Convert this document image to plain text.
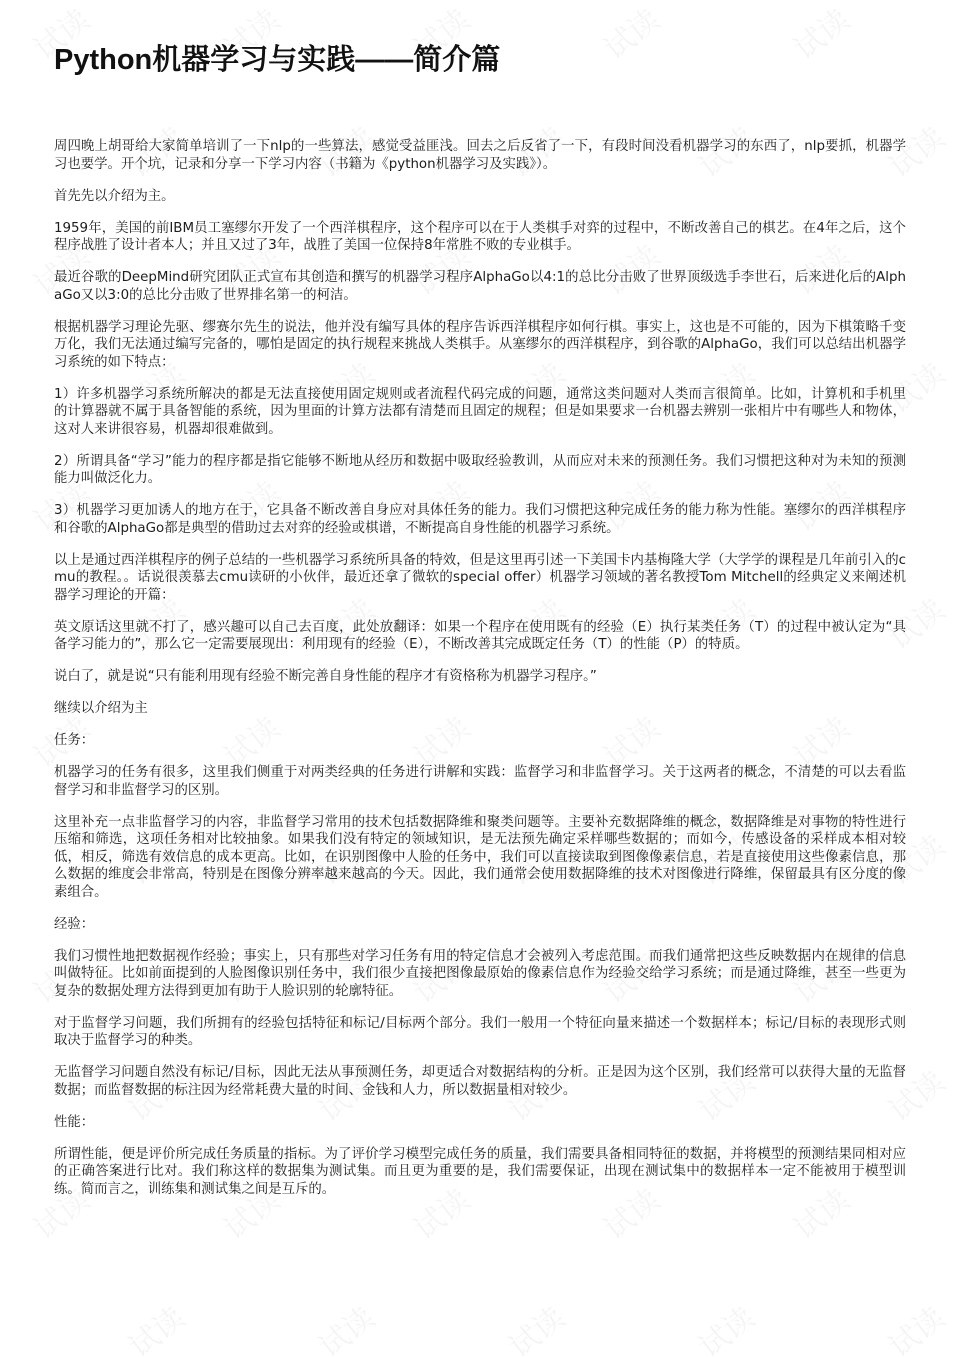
Python机器学习与实践——简介篇

周四晚上胡哥给大家简单培训了一下nlp的一些算法，感觉受益匪浅。回去之后反省了一下，有段时间没看机器学习的东西了，nlp要抓，机器学习也要学。开个坑，记录和分享一下学习内容（书籍为《python机器学习及实践》）。

首先先以介绍为主。

1959年，美国的前IBM员工塞缪尔开发了一个西洋棋程序，这个程序可以在于人类棋手对弈的过程中，不断改善自己的棋艺。在4年之后，这个程序战胜了设计者本人；并且又过了3年，战胜了美国一位保持8年常胜不败的专业棋手。

最近谷歌的DeepMind研究团队正式宣布其创造和撰写的机器学习程序AlphaGo以4:1的总比分击败了世界顶级选手李世石，后来进化后的AlphaGo又以3:0的总比分击败了世界排名第一的柯洁。

根据机器学习理论先驱、缪赛尔先生的说法，他并没有编写具体的程序告诉西洋棋程序如何行棋。事实上，这也是不可能的，因为下棋策略千变万化，我们无法通过编写完备的，哪怕是固定的执行规程来挑战人类棋手。从塞缪尔的西洋棋程序，到谷歌的AlphaGo，我们可以总结出机器学习系统的如下特点：

1）许多机器学习系统所解决的都是无法直接使用固定规则或者流程代码完成的问题，通常这类问题对人类而言很简单。比如，计算机和手机里的计算器就不属于具备智能的系统，因为里面的计算方法都有清楚而且固定的规程；但是如果要求一台机器去辨别一张相片中有哪些人和物体，这对人来讲很容易，机器却很难做到。

2）所谓具备“学习”能力的程序都是指它能够不断地从经历和数据中吸取经验教训，从而应对未来的预测任务。我们习惯把这种对为未知的预测能力叫做泛化力。

3）机器学习更加诱人的地方在于，它具备不断改善自身应对具体任务的能力。我们习惯把这种完成任务的能力称为性能。塞缪尔的西洋棋程序和谷歌的AlphaGo都是典型的借助过去对弈的经验或棋谱，不断提高自身性能的机器学习系统。

以上是通过西洋棋程序的例子总结的一些机器学习系统所具备的特效，但是这里再引述一下美国卡内基梅隆大学（大学学的课程是几年前引入的cmu的教程。。话说很羡慕去cmu读研的小伙伴，最近还拿了微软的special offer）机器学习领域的著名教授Tom Mitchell的经典定义来阐述机器学习理论的开篇：

英文原话这里就不打了，感兴趣可以自己去百度，此处放翻译：如果一个程序在使用既有的经验（E）执行某类任务（T）的过程中被认定为“具备学习能力的”，那么它一定需要展现出：利用现有的经验（E），不断改善其完成既定任务（T）的性能（P）的特质。

说白了，就是说“只有能利用现有经验不断完善自身性能的程序才有资格称为机器学习程序。”

继续以介绍为主

任务：

机器学习的任务有很多，这里我们侧重于对两类经典的任务进行讲解和实践：监督学习和非监督学习。关于这两者的概念，不清楚的可以去看监督学习和非监督学习的区别。

这里补充一点非监督学习的内容，非监督学习常用的技术包括数据降维和聚类问题等。主要补充数据降维的概念，数据降维是对事物的特性进行压缩和筛选，这项任务相对比较抽象。如果我们没有特定的领域知识，是无法预先确定采样哪些数据的；而如今，传感设备的采样成本相对较低，相反，筛选有效信息的成本更高。比如，在识别图像中人脸的任务中，我们可以直接读取到图像像素信息，若是直接使用这些像素信息，那么数据的维度会非常高，特别是在图像分辨率越来越高的今天。因此，我们通常会使用数据降维的技术对图像进行降维，保留最具有区分度的像素组合。

经验：

我们习惯性地把数据视作经验；事实上，只有那些对学习任务有用的特定信息才会被列入考虑范围。而我们通常把这些反映数据内在规律的信息叫做特征。比如前面提到的人脸图像识别任务中，我们很少直接把图像最原始的像素信息作为经验交给学习系统；而是通过降维，甚至一些更为复杂的数据处理方法得到更加有助于人脸识别的轮廓特征。

对于监督学习问题，我们所拥有的经验包括特征和标记/目标两个部分。我们一般用一个特征向量来描述一个数据样本；标记/目标的表现形式则取决于监督学习的种类。

无监督学习问题自然没有标记/目标，因此无法从事预测任务，却更适合对数据结构的分析。正是因为这个区别，我们经常可以获得大量的无监督数据；而监督数据的标注因为经常耗费大量的时间、金钱和人力，所以数据量相对较少。

性能：

所谓性能，便是评价所完成任务质量的指标。为了评价学习模型完成任务的质量，我们需要具备相同特征的数据，并将模型的预测结果同相对应的正确答案进行比对。我们称这样的数据集为测试集。而且更为重要的是，我们需要保证，出现在测试集中的数据样本一定不能被用于模型训练。简而言之，训练集和测试集之间是互斥的。
